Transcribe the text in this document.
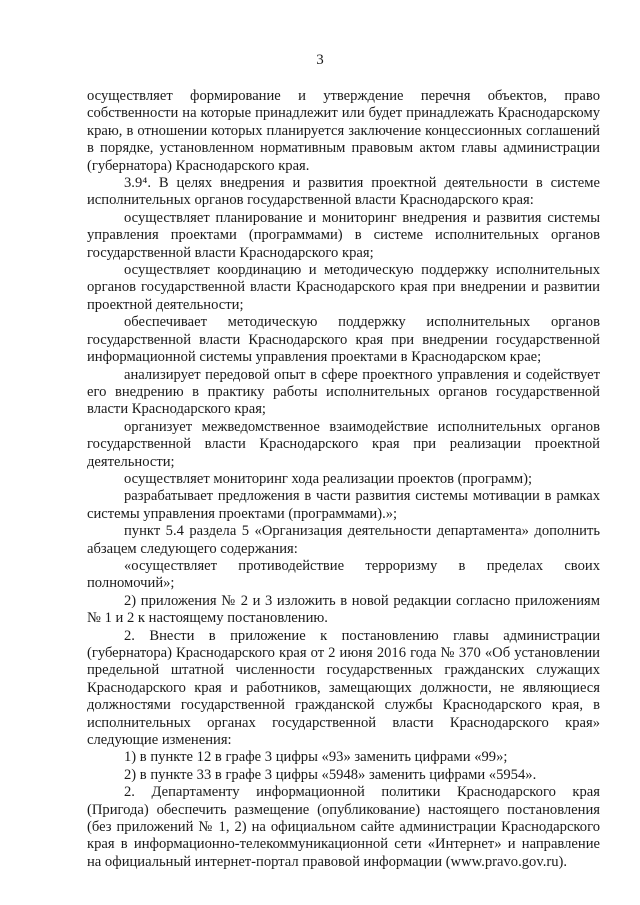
3

осуществляет формирование и утверждение перечня объектов, право собственности на которые принадлежит или будет принадлежать Краснодарскому краю, в отношении которых планируется заключение концессионных соглашений в порядке, установленном нормативным правовым актом главы администрации (губернатора) Краснодарского края.

3.9⁴. В целях внедрения и развития проектной деятельности в системе исполнительных органов государственной власти Краснодарского края:

осуществляет планирование и мониторинг внедрения и развития системы управления проектами (программами) в системе исполнительных органов государственной власти Краснодарского края;

осуществляет координацию и методическую поддержку исполнительных органов государственной власти Краснодарского края при внедрении и развитии проектной деятельности;

обеспечивает методическую поддержку исполнительных органов государственной власти Краснодарского края при внедрении государственной информационной системы управления проектами в Краснодарском крае;

анализирует передовой опыт в сфере проектного управления и содействует его внедрению в практику работы исполнительных органов государственной власти Краснодарского края;

организует межведомственное взаимодействие исполнительных органов государственной власти Краснодарского края при реализации проектной деятельности;

осуществляет мониторинг хода реализации проектов (программ);

разрабатывает предложения в части развития системы мотивации в рамках системы управления проектами (программами).»;

пункт 5.4 раздела 5 «Организация деятельности департамента» дополнить абзацем следующего содержания:

«осуществляет противодействие терроризму в пределах своих полномочий»;

2) приложения № 2 и 3 изложить в новой редакции согласно приложениям № 1 и 2 к настоящему постановлению.

2. Внести в приложение к постановлению главы администрации (губернатора) Краснодарского края от 2 июня 2016 года № 370 «Об установлении предельной штатной численности государственных гражданских служащих Краснодарского края и работников, замещающих должности, не являющиеся должностями государственной гражданской службы Краснодарского края, в исполнительных органах государственной власти Краснодарского края» следующие изменения:

1) в пункте 12 в графе 3 цифры «93» заменить цифрами «99»;

2) в пункте 33 в графе 3 цифры «5948» заменить цифрами «5954».

2. Департаменту информационной политики Краснодарского края (Пригода) обеспечить размещение (опубликование) настоящего постановления (без приложений № 1, 2) на официальном сайте администрации Краснодарского края в информационно-телекоммуникационной сети «Интернет» и направление на официальный интернет-портал правовой информации (www.pravo.gov.ru).
